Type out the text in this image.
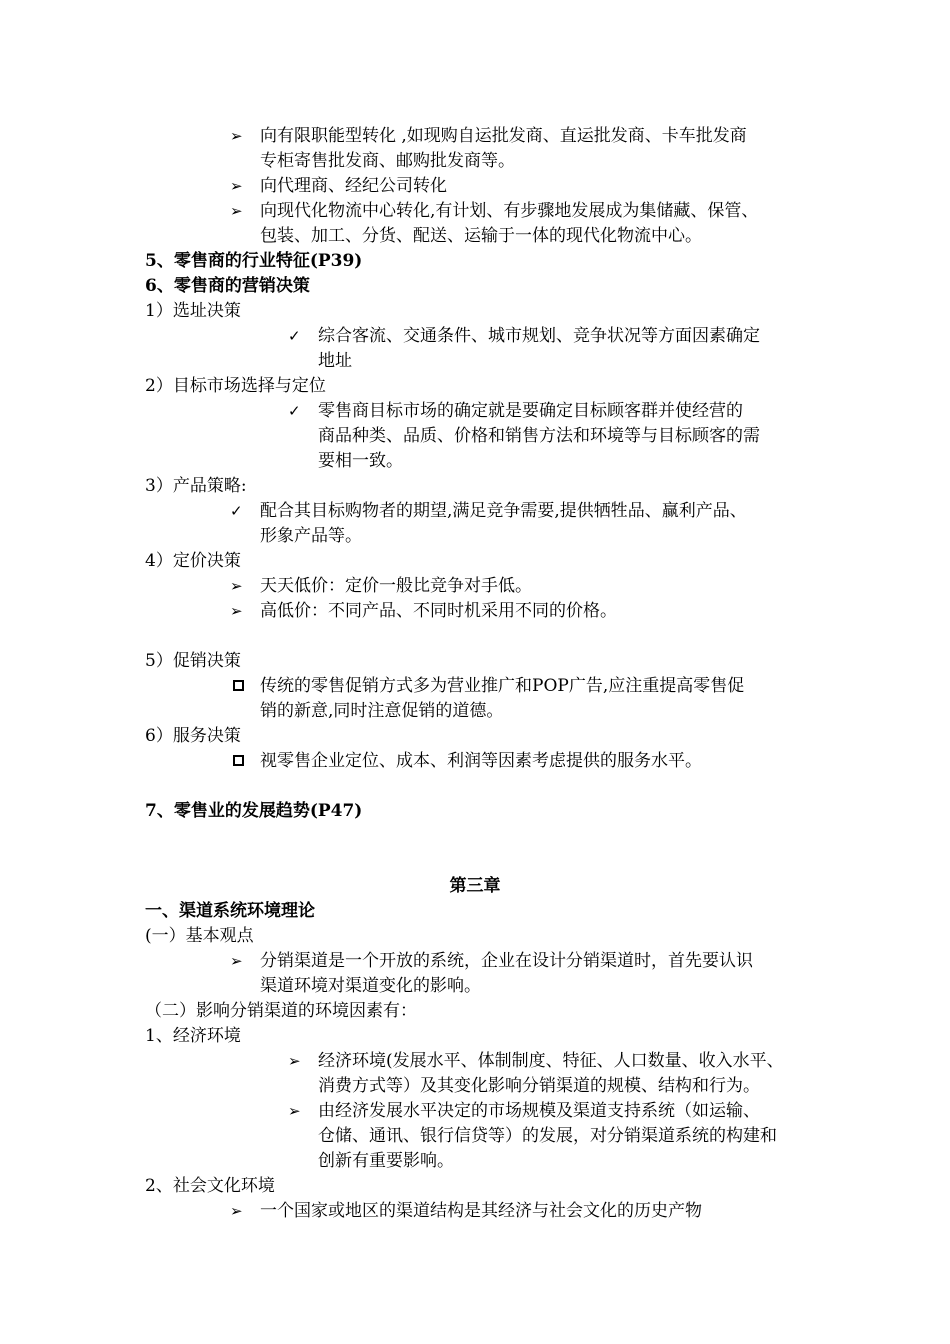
➢ 向有限职能型转化 ,如现购自运批发商、直运批发商、卡车批发商
专柜寄售批发商、邮购批发商等。
➢ 向代理商、经纪公司转化
➢ 向现代化物流中心转化,有计划、有步骤地发展成为集储藏、保管、
包装、加工、分货、配送、运输于一体的现代化物流中心。
5、零售商的行业特征(P39)
6、零售商的营销决策
1）选址决策
✓ 综合客流、交通条件、城市规划、竞争状况等方面因素确定
地址
2）目标市场选择与定位
✓ 零售商目标市场的确定就是要确定目标顾客群并使经营的
商品种类、品质、价格和销售方法和环境等与目标顾客的需
要相一致。
3）产品策略:
✓ 配合其目标购物者的期望,满足竞争需要,提供牺牲品、赢利产品、
形象产品等。
4）定价决策
➢ 天天低价：定价一般比竞争对手低。
➢ 高低价：不同产品、不同时机采用不同的价格。
5）促销决策
传统的零售促销方式多为营业推广和POP广告,应注重提高零售促
销的新意,同时注意促销的道德。
6）服务决策
视零售企业定位、成本、利润等因素考虑提供的服务水平。
7、零售业的发展趋势(P47)
第三章
一、渠道系统环境理论
(一）基本观点
➢ 分销渠道是一个开放的系统，企业在设计分销渠道时，首先要认识
渠道环境对渠道变化的影响。
（二）影响分销渠道的环境因素有：
1、经济环境
➢ 经济环境(发展水平、体制制度、特征、人口数量、收入水平、
消费方式等）及其变化影响分销渠道的规模、结构和行为。
➢ 由经济发展水平决定的市场规模及渠道支持系统（如运输、
仓储、通讯、银行信贷等）的发展，对分销渠道系统的构建和
创新有重要影响。
2、社会文化环境
➢ 一个国家或地区的渠道结构是其经济与社会文化的历史产物
